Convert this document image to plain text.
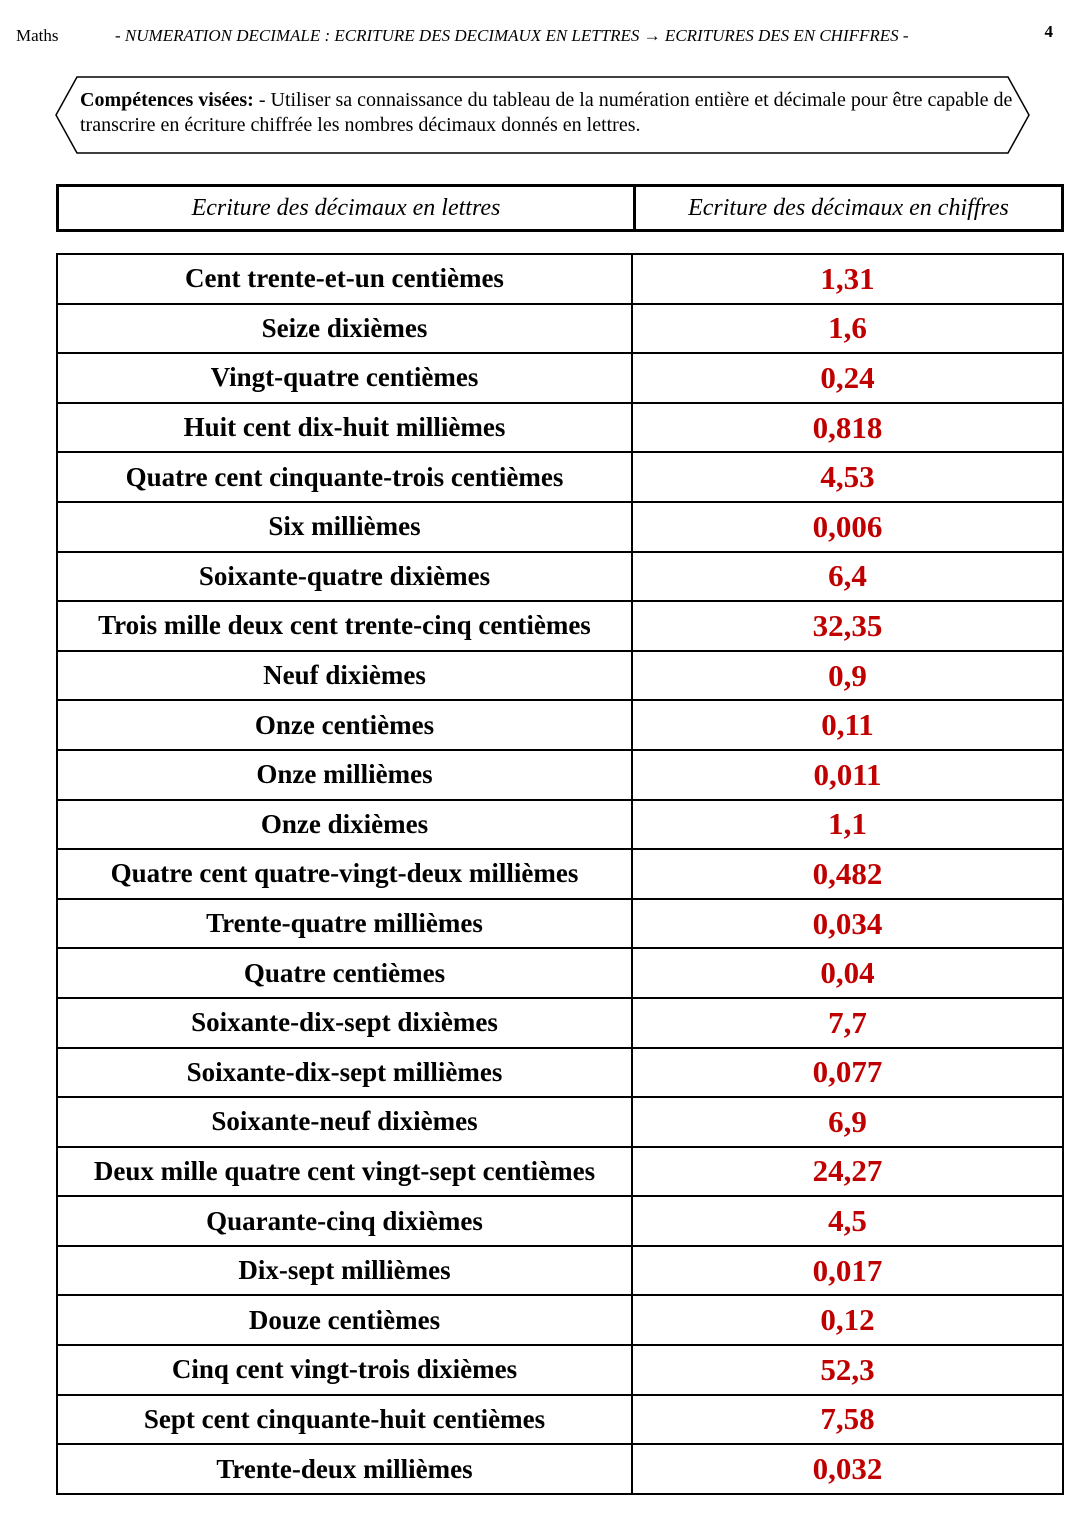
Maths	- NUMERATION DECIMALE : ECRITURE DES DECIMAUX EN LETTRES → ECRITURES DES EN CHIFFRES -	4
Compétences visées: - Utiliser sa connaissance du tableau de la numération entière et décimale pour être capable de transcrire en écriture chiffrée les nombres décimaux donnés en lettres.
Ecriture des décimaux en lettres	Ecriture des décimaux en chiffres
Cent trente-et-un centièmes	1,31
Seize dixièmes	1,6
Vingt-quatre centièmes	0,24
Huit cent dix-huit millièmes	0,818
Quatre cent cinquante-trois centièmes	4,53
Six millièmes	0,006
Soixante-quatre dixièmes	6,4
Trois mille deux cent trente-cinq centièmes	32,35
Neuf dixièmes	0,9
Onze centièmes	0,11
Onze millièmes	0,011
Onze dixièmes	1,1
Quatre cent quatre-vingt-deux millièmes	0,482
Trente-quatre millièmes	0,034
Quatre centièmes	0,04
Soixante-dix-sept dixièmes	7,7
Soixante-dix-sept millièmes	0,077
Soixante-neuf dixièmes	6,9
Deux mille quatre cent vingt-sept centièmes	24,27
Quarante-cinq dixièmes	4,5
Dix-sept millièmes	0,017
Douze centièmes	0,12
Cinq cent vingt-trois dixièmes	52,3
Sept cent cinquante-huit centièmes	7,58
Trente-deux millièmes	0,032
